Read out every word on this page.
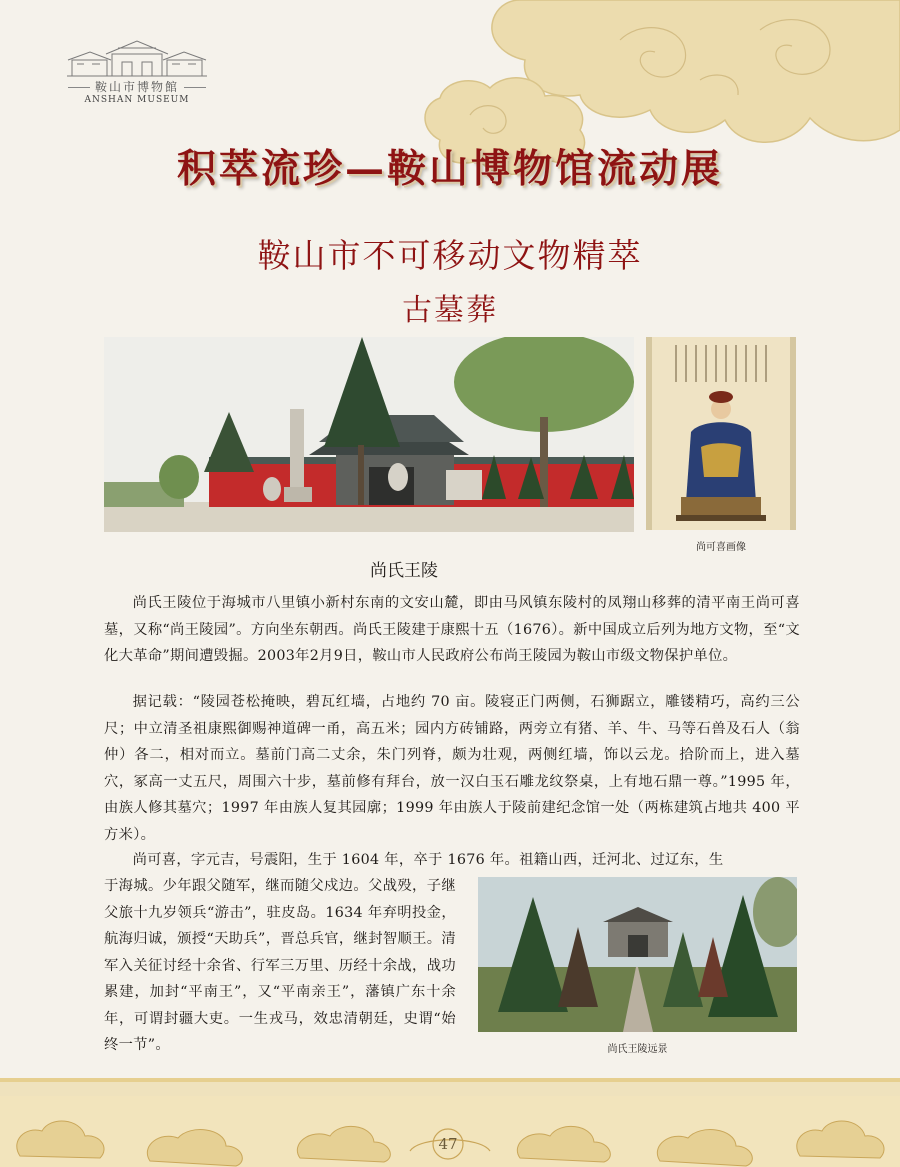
鞍山市博物館
ANSHAN MUSEUM
积萃流珍—鞍山博物馆流动展
鞍山市不可移动文物精萃
古墓葬
尚可喜画像
尚氏王陵

尚氏王陵位于海城市八里镇小新村东南的文安山麓，即由马风镇东陵村的凤翔山移葬的清平南王尚可喜墓，又称“尚王陵园”。方向坐东朝西。尚氏王陵建于康熙十五（1676）。新中国成立后列为地方文物，至“文化大革命”期间遭毁掘。2003年2月9日，鞍山市人民政府公布尚王陵园为鞍山市级文物保护单位。

据记载：“陵园苍松掩映，碧瓦红墙，占地约 70 亩。陵寝正门两侧，石狮踞立，雕镂精巧，高约三公尺；中立清圣祖康熙御赐神道碑一甬，高五米；园内方砖铺路，两旁立有猪、羊、牛、马等石兽及石人（翁仲）各二，相对而立。墓前门高二丈余，朱门列脊，颇为壮观，两侧红墙，饰以云龙。拾阶而上，进入墓穴，冢高一丈五尺，周围六十步，墓前修有拜台，放一汉白玉石雕龙纹祭桌，上有地石鼎一尊。”1995 年，由族人修其墓穴；1997 年由族人复其园廓；1999 年由族人于陵前建纪念馆一处（两栋建筑占地共 400 平方米）。

尚可喜，字元吉，号震阳，生于 1604 年，卒于 1676 年。祖籍山西，迁河北、过辽东，生

于海城。少年跟父随军，继而随父戍边。父战殁，子继父旅十九岁领兵“游击”，驻皮岛。1634 年弃明投金，航海归诚，颁授“天助兵”，晋总兵官，继封智顺王。清军入关征讨经十余省、行军三万里、历经十余战，战功累建，加封“平南王”，又“平南亲王”，藩镇广东十余年，可谓封疆大吏。一生戎马，效忠清朝廷，史谓“始终一节”。	尚氏王陵远景
47
